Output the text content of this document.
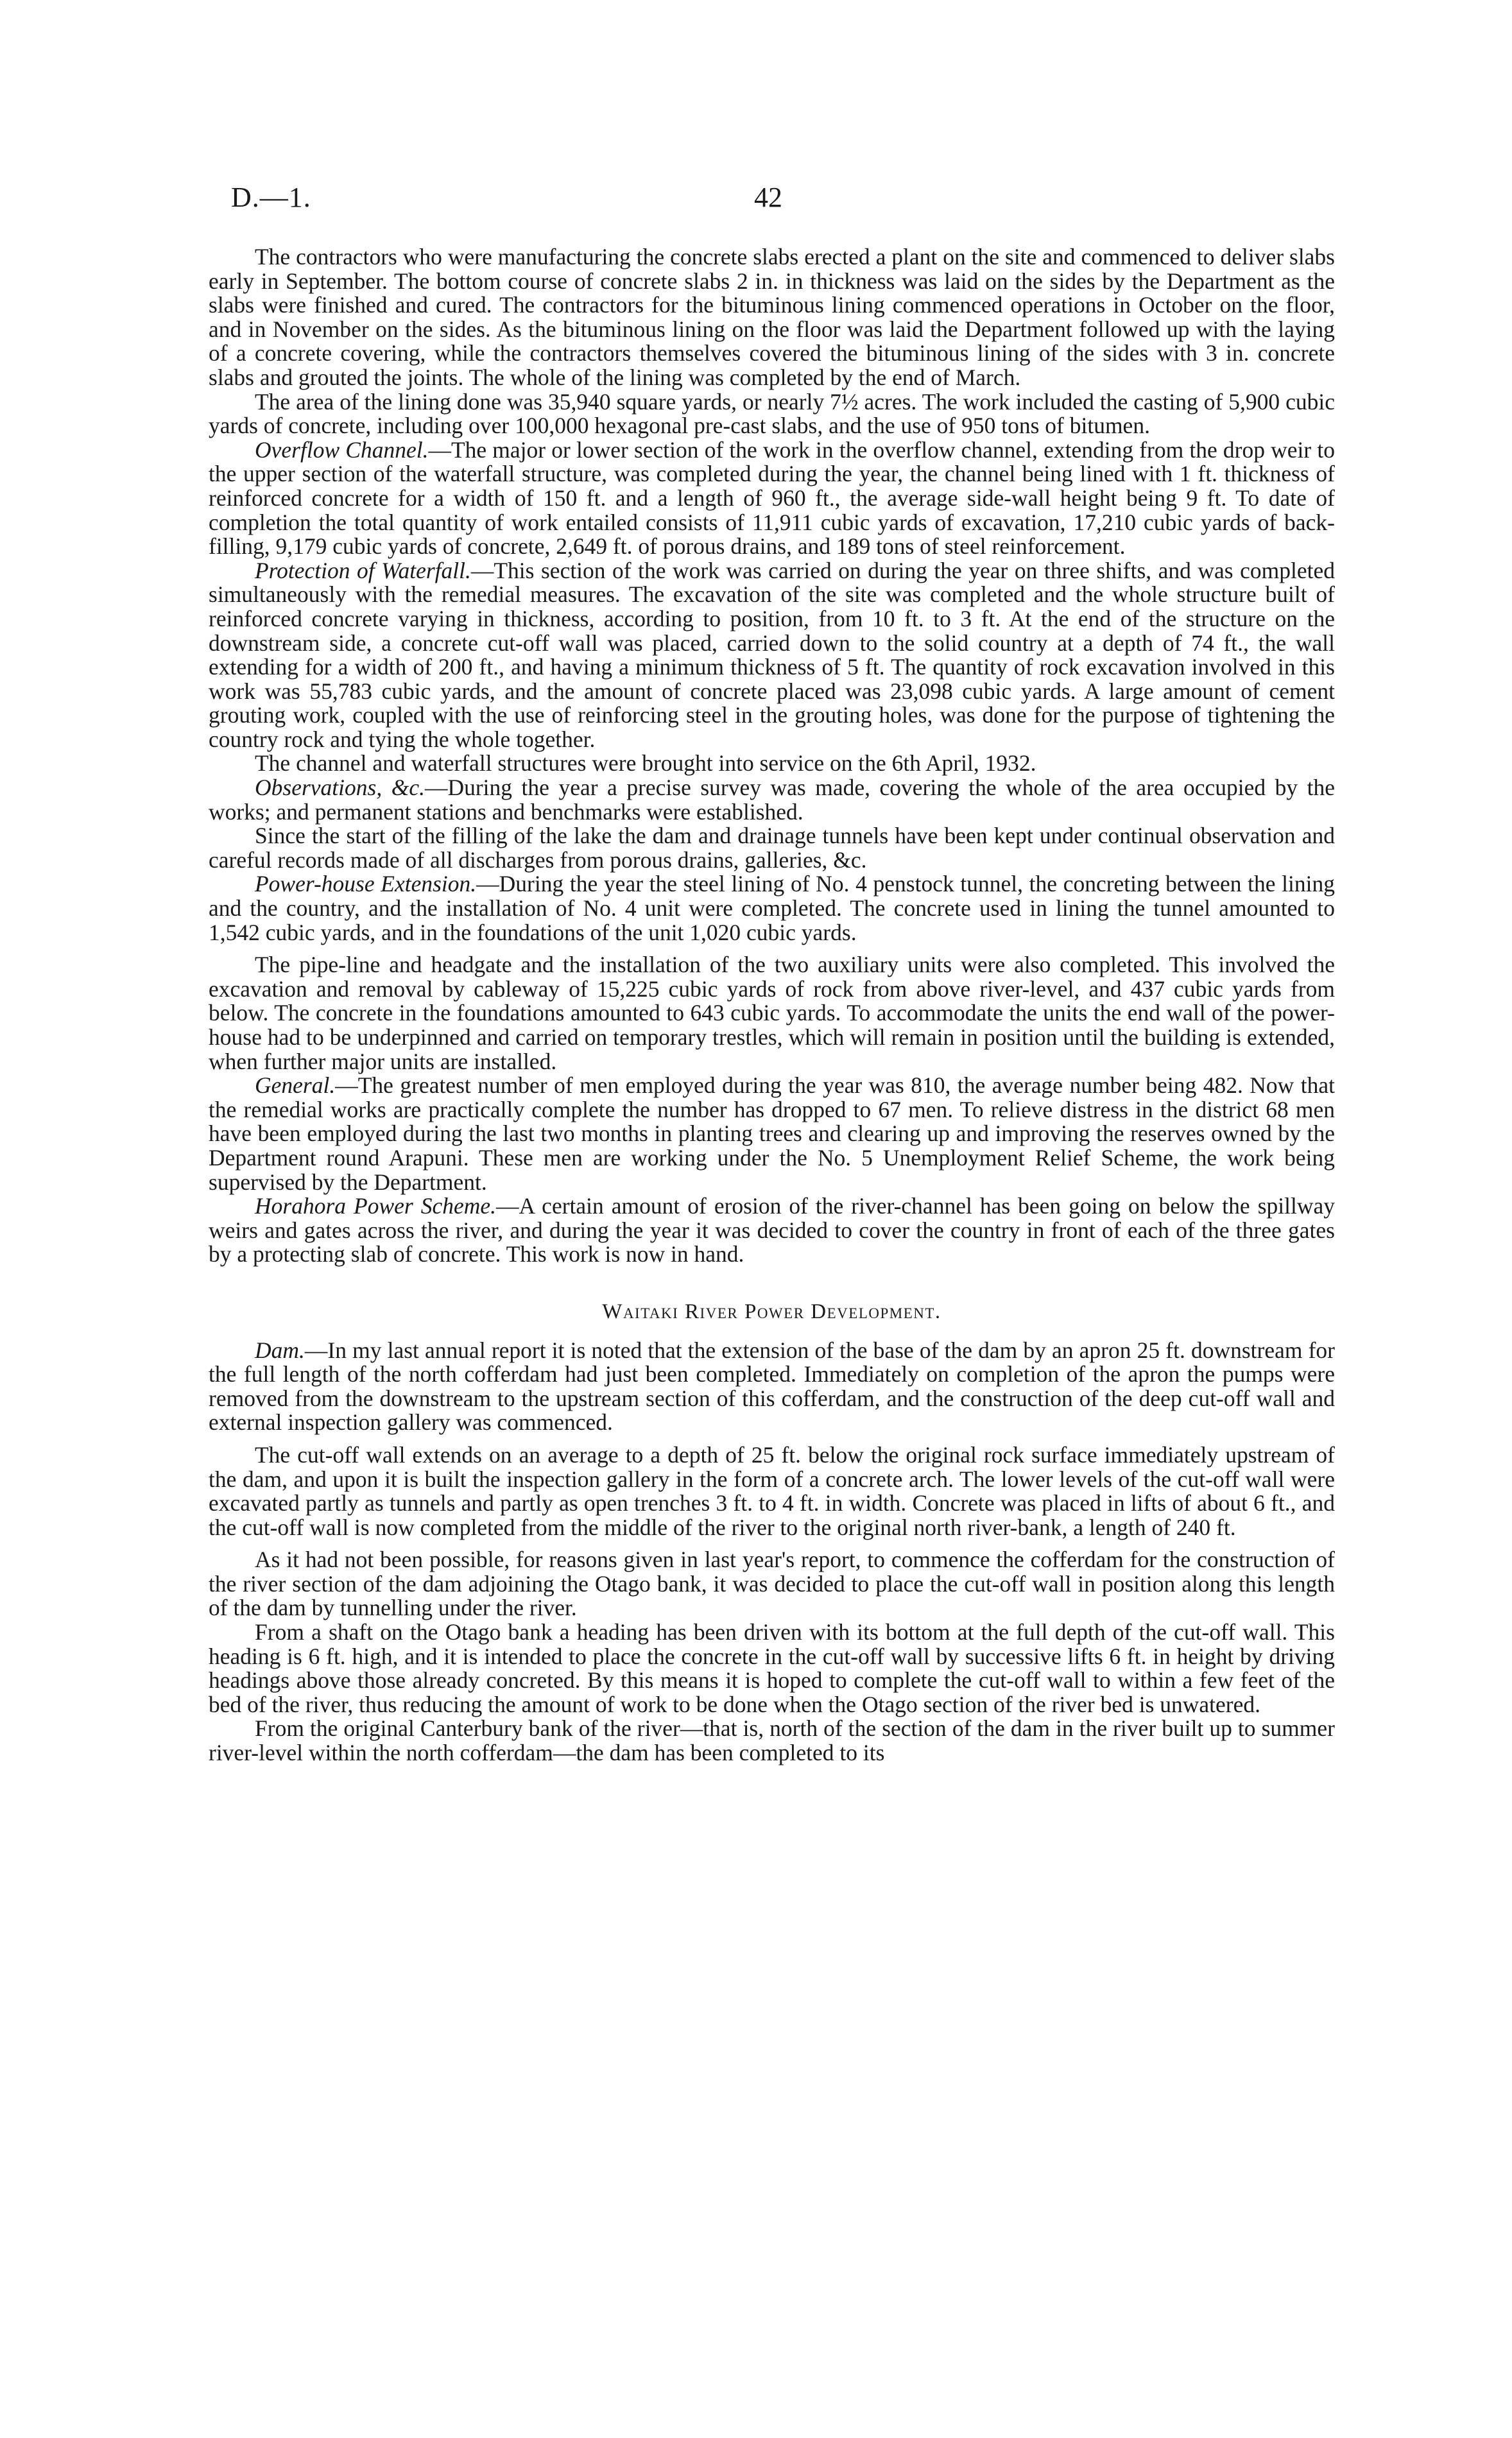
D.—1.	42

The contractors who were manufacturing the concrete slabs erected a plant on the site and commenced to deliver slabs early in September. The bottom course of concrete slabs 2 in. in thickness was laid on the sides by the Department as the slabs were finished and cured. The contractors for the bituminous lining commenced operations in October on the floor, and in November on the sides. As the bituminous lining on the floor was laid the Department followed up with the laying of a concrete covering, while the contractors themselves covered the bituminous lining of the sides with 3 in. concrete slabs and grouted the joints. The whole of the lining was completed by the end of March.

The area of the lining done was 35,940 square yards, or nearly 7½ acres. The work included the casting of 5,900 cubic yards of concrete, including over 100,000 hexagonal pre-cast slabs, and the use of 950 tons of bitumen.

Overflow Channel.—The major or lower section of the work in the overflow channel, extending from the drop weir to the upper section of the waterfall structure, was completed during the year, the channel being lined with 1 ft. thickness of reinforced concrete for a width of 150 ft. and a length of 960 ft., the average side-wall height being 9 ft. To date of completion the total quantity of work entailed consists of 11,911 cubic yards of excavation, 17,210 cubic yards of back-filling, 9,179 cubic yards of concrete, 2,649 ft. of porous drains, and 189 tons of steel reinforcement.

Protection of Waterfall.—This section of the work was carried on during the year on three shifts, and was completed simultaneously with the remedial measures. The excavation of the site was completed and the whole structure built of reinforced concrete varying in thickness, according to position, from 10 ft. to 3 ft. At the end of the structure on the downstream side, a concrete cut-off wall was placed, carried down to the solid country at a depth of 74 ft., the wall extending for a width of 200 ft., and having a minimum thickness of 5 ft. The quantity of rock excavation involved in this work was 55,783 cubic yards, and the amount of concrete placed was 23,098 cubic yards. A large amount of cement grouting work, coupled with the use of reinforcing steel in the grouting holes, was done for the purpose of tightening the country rock and tying the whole together.

The channel and waterfall structures were brought into service on the 6th April, 1932.

Observations, &c.—During the year a precise survey was made, covering the whole of the area occupied by the works; and permanent stations and benchmarks were established.

Since the start of the filling of the lake the dam and drainage tunnels have been kept under continual observation and careful records made of all discharges from porous drains, galleries, &c.

Power-house Extension.—During the year the steel lining of No. 4 penstock tunnel, the concreting between the lining and the country, and the installation of No. 4 unit were completed. The concrete used in lining the tunnel amounted to 1,542 cubic yards, and in the foundations of the unit 1,020 cubic yards.

The pipe-line and headgate and the installation of the two auxiliary units were also completed. This involved the excavation and removal by cableway of 15,225 cubic yards of rock from above river-level, and 437 cubic yards from below. The concrete in the foundations amounted to 643 cubic yards. To accommodate the units the end wall of the power-house had to be underpinned and carried on temporary trestles, which will remain in position until the building is extended, when further major units are installed.

General.—The greatest number of men employed during the year was 810, the average number being 482. Now that the remedial works are practically complete the number has dropped to 67 men. To relieve distress in the district 68 men have been employed during the last two months in planting trees and clearing up and improving the reserves owned by the Department round Arapuni. These men are working under the No. 5 Unemployment Relief Scheme, the work being supervised by the Department.

Horahora Power Scheme.—A certain amount of erosion of the river-channel has been going on below the spillway weirs and gates across the river, and during the year it was decided to cover the country in front of each of the three gates by a protecting slab of concrete. This work is now in hand.

Waitaki River Power Development.

Dam.—In my last annual report it is noted that the extension of the base of the dam by an apron 25 ft. downstream for the full length of the north cofferdam had just been completed. Immediately on completion of the apron the pumps were removed from the downstream to the upstream section of this cofferdam, and the construction of the deep cut-off wall and external inspection gallery was commenced.

The cut-off wall extends on an average to a depth of 25 ft. below the original rock surface immediately upstream of the dam, and upon it is built the inspection gallery in the form of a concrete arch. The lower levels of the cut-off wall were excavated partly as tunnels and partly as open trenches 3 ft. to 4 ft. in width. Concrete was placed in lifts of about 6 ft., and the cut-off wall is now completed from the middle of the river to the original north river-bank, a length of 240 ft.

As it had not been possible, for reasons given in last year's report, to commence the cofferdam for the construction of the river section of the dam adjoining the Otago bank, it was decided to place the cut-off wall in position along this length of the dam by tunnelling under the river.

From a shaft on the Otago bank a heading has been driven with its bottom at the full depth of the cut-off wall. This heading is 6 ft. high, and it is intended to place the concrete in the cut-off wall by successive lifts 6 ft. in height by driving headings above those already concreted. By this means it is hoped to complete the cut-off wall to within a few feet of the bed of the river, thus reducing the amount of work to be done when the Otago section of the river bed is unwatered.

From the original Canterbury bank of the river—that is, north of the section of the dam in the river built up to summer river-level within the north cofferdam—the dam has been completed to its
